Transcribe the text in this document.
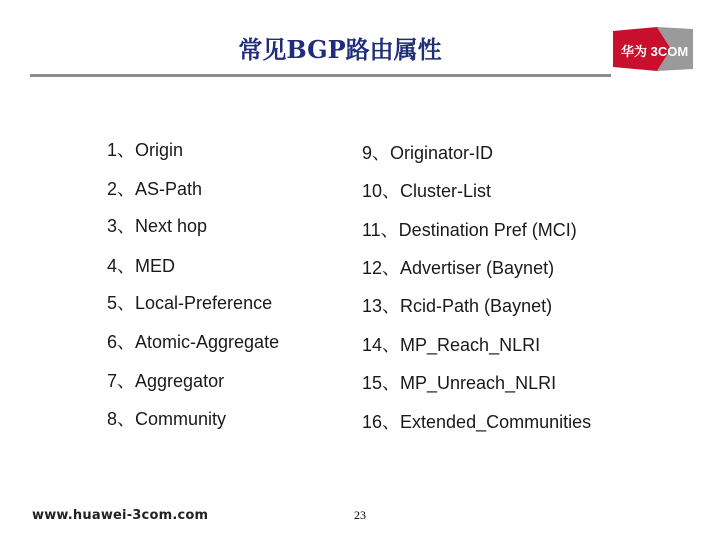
常见BGP路由属性	华为 3COM
1、Origin
2、AS-Path
3、Next hop
4、MED
5、Local-Preference
6、Atomic-Aggregate
7、Aggregator
8、Community
9、Originator-ID
10、Cluster-List
11、Destination Pref (MCI)
12、Advertiser (Baynet)
13、Rcid-Path (Baynet)
14、MP_Reach_NLRI
15、MP_Unreach_NLRI
16、Extended_Communities
www.huawei-3com.com	23
